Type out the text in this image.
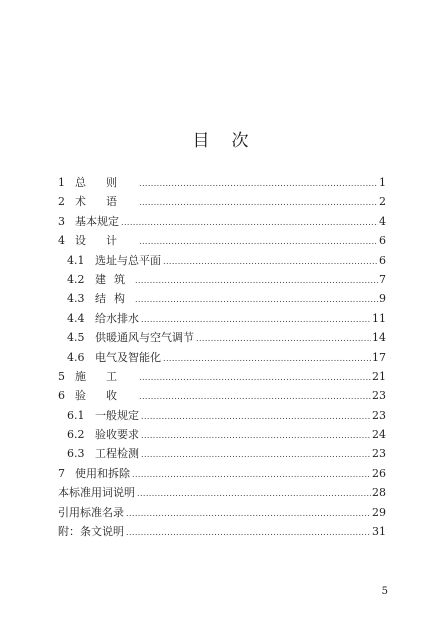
目次
1 总则 .....	1
2 术语 .....	2
3 基本规定 .....	4
4 设计 .....	6
4.1 选址与总平面 .....	6
4.2 建筑 .....	7
4.3 结构 .....	9
4.4 给水排水 .....	11
4.5 供暖通风与空气调节 .....	14
4.6 电气及智能化 .....	17
5 施工 .....	21
6 验收 .....	23
6.1 一般规定 .....	23
6.2 验收要求 .....	24
6.3 工程检测 .....	23
7 使用和拆除 .....	26
本标准用词说明 .....	28
引用标准名录 .....	29
附：条文说明 .....	31
5
